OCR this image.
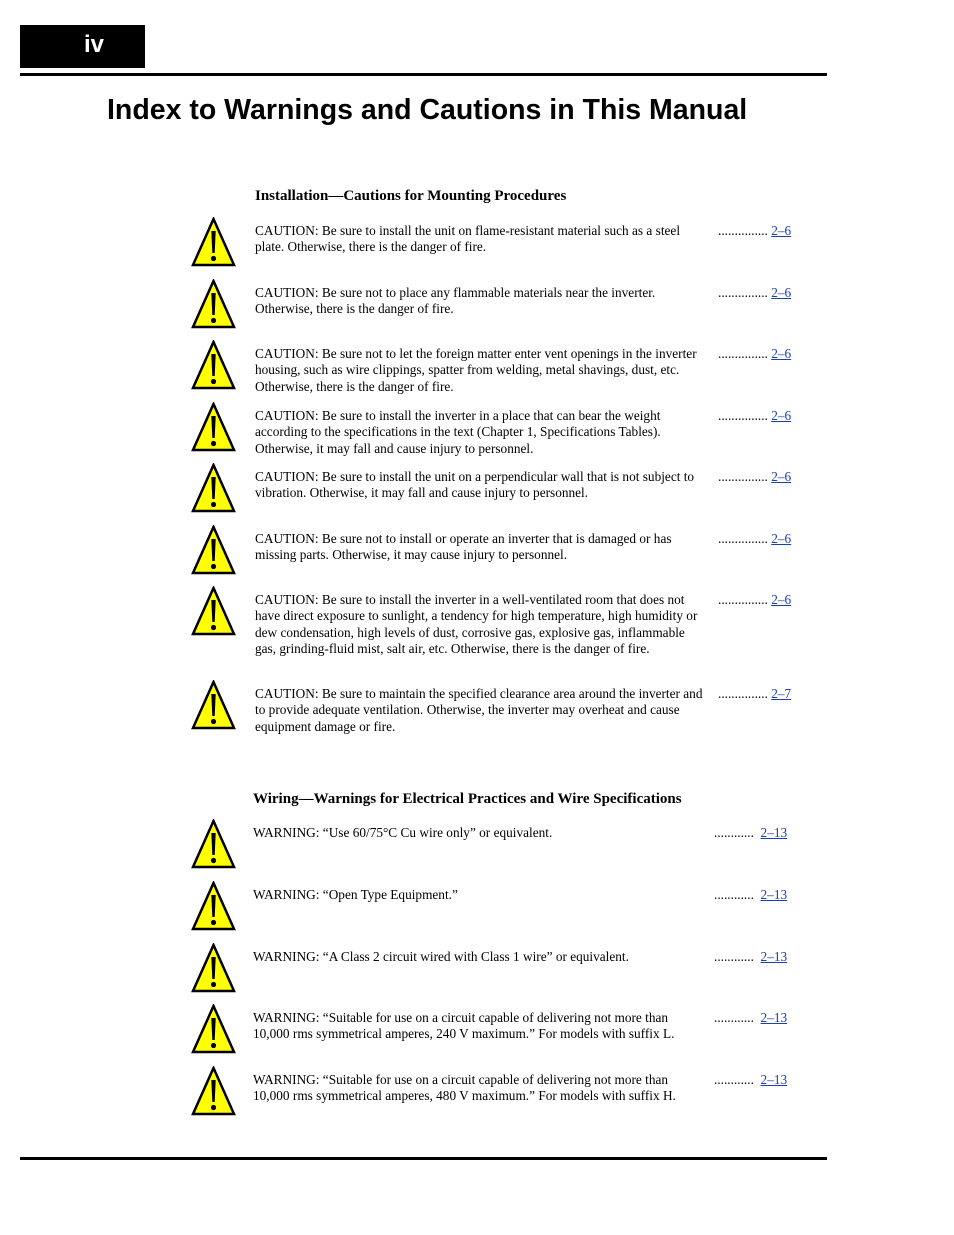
iv
Index to Warnings and Cautions in This Manual
Installation—Cautions for Mounting Procedures

CAUTION: Be sure to install the unit on flame-resistant material such as a steel plate. Otherwise, there is the danger of fire.

............... 2–6

CAUTION: Be sure not to place any flammable materials near the inverter. Otherwise, there is the danger of fire.

............... 2–6

CAUTION: Be sure not to let the foreign matter enter vent openings in the inverter housing, such as wire clippings, spatter from welding, metal shavings, dust, etc. Otherwise, there is the danger of fire.

............... 2–6

CAUTION: Be sure to install the inverter in a place that can bear the weight according to the specifications in the text (Chapter 1, Specifications Tables). Otherwise, it may fall and cause injury to personnel.

............... 2–6

CAUTION: Be sure to install the unit on a perpendicular wall that is not subject to vibration. Otherwise, it may fall and cause injury to personnel.

............... 2–6

CAUTION: Be sure not to install or operate an inverter that is damaged or has missing parts. Otherwise, it may cause injury to personnel.

............... 2–6

CAUTION: Be sure to install the inverter in a well-ventilated room that does not have direct exposure to sunlight, a tendency for high temperature, high humidity or dew condensation, high levels of dust, corrosive gas, explosive gas, inflammable gas, grinding-fluid mist, salt air, etc. Otherwise, there is the danger of fire.

............... 2–6

CAUTION: Be sure to maintain the specified clearance area around the inverter and to provide adequate ventilation. Otherwise, the inverter may overheat and cause equipment damage or fire.

............... 2–7
Wiring—Warnings for Electrical Practices and Wire Specifications

WARNING: “Use 60/75°C Cu wire only” or equivalent.	............ 2–13

WARNING: “Open Type Equipment.”	............ 2–13

WARNING: “A Class 2 circuit wired with Class 1 wire” or equivalent.	............ 2–13

WARNING: “Suitable for use on a circuit capable of delivering not more than 10,000 rms symmetrical amperes, 240 V maximum.” For models with suffix L.

............ 2–13

WARNING: “Suitable for use on a circuit capable of delivering not more than 10,000 rms symmetrical amperes, 480 V maximum.” For models with suffix H.

............ 2–13
